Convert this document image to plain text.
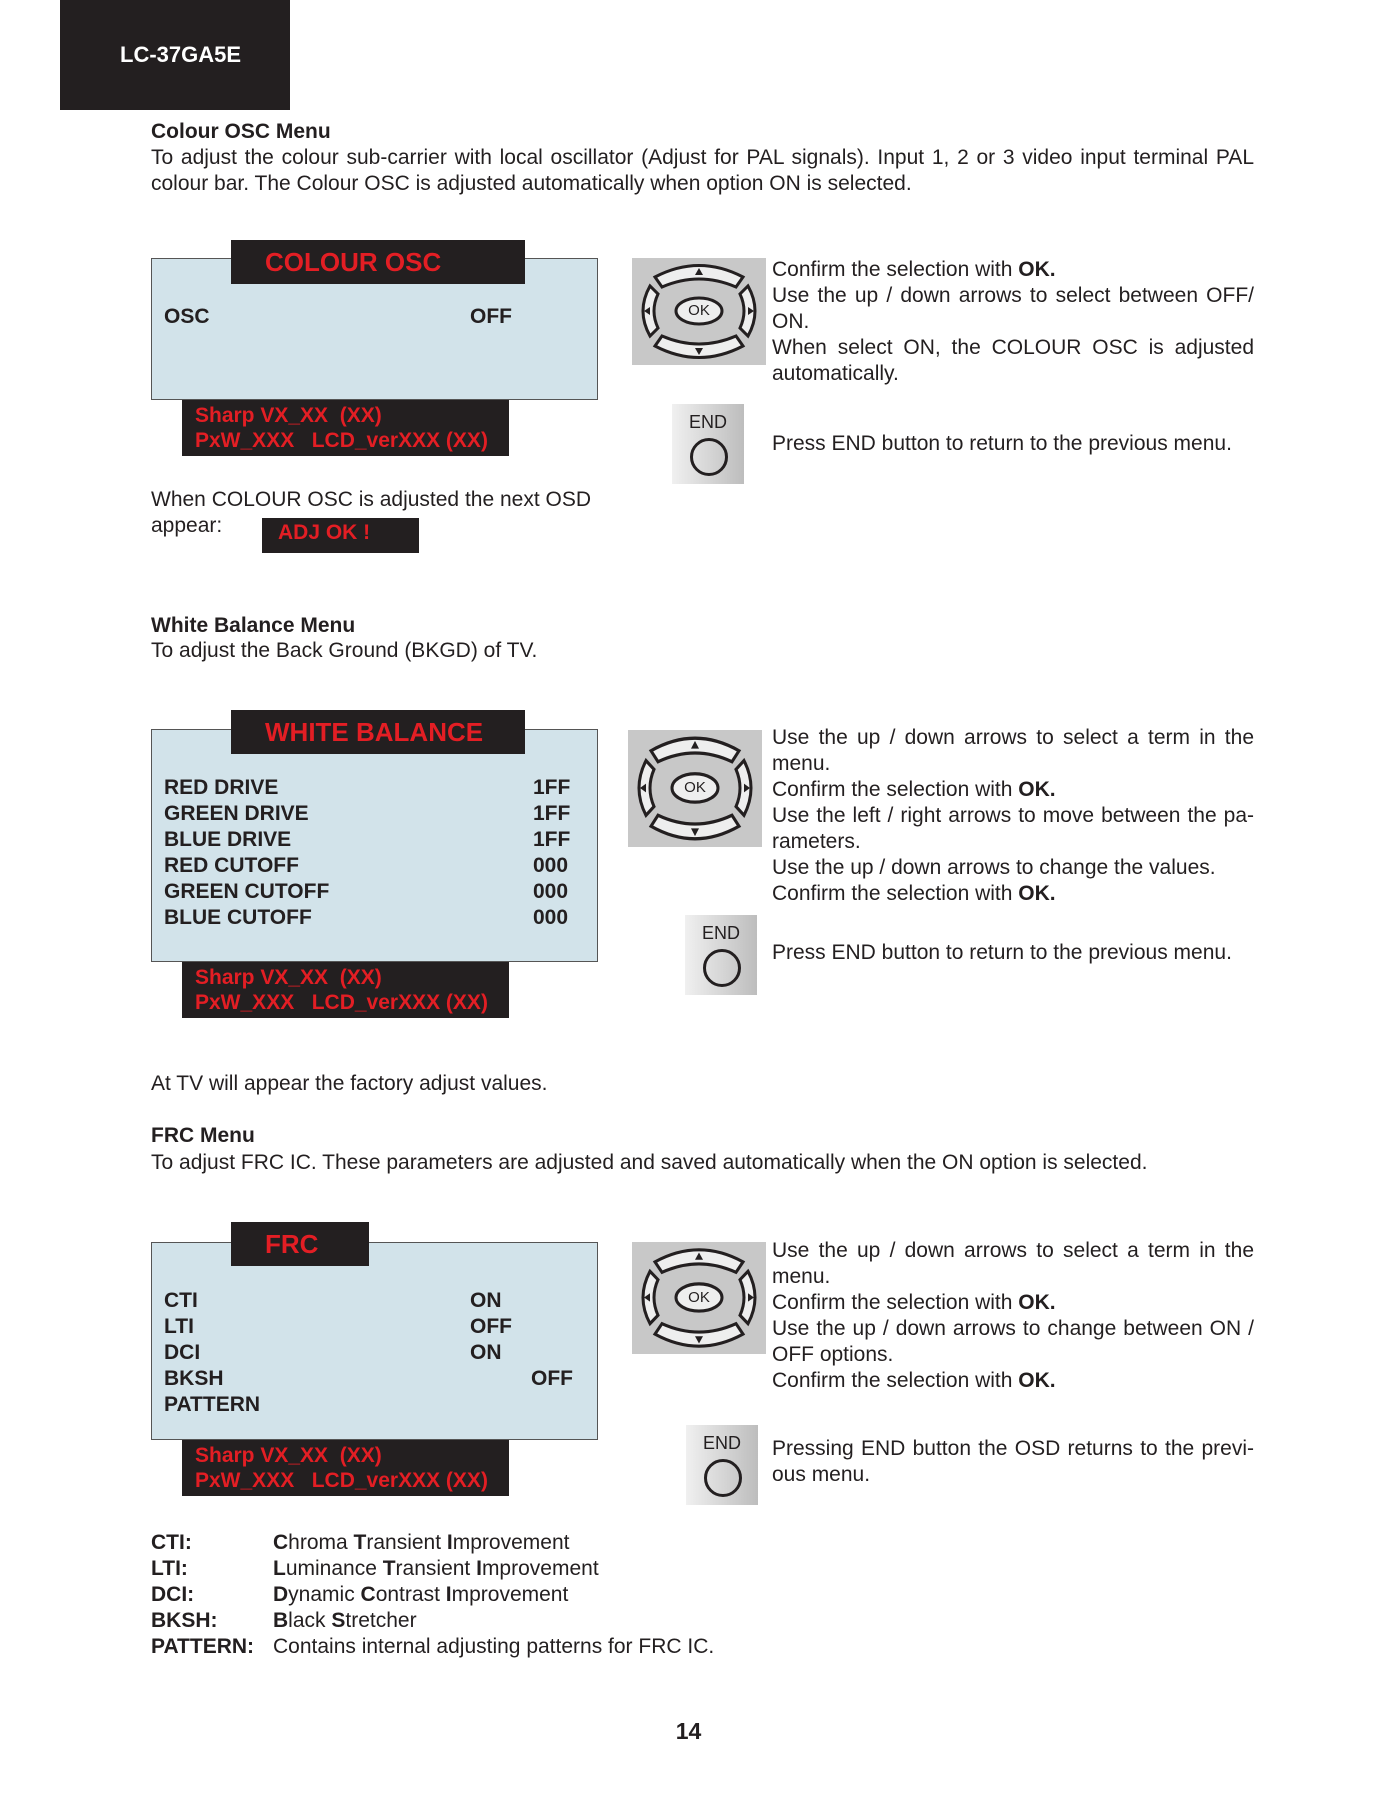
LC-37GA5E
Colour OSC Menu
To adjust the colour sub-carrier with local oscillator (Adjust for PAL signals). Input 1, 2 or 3 video input terminal PAL colour bar. The Colour OSC is adjusted automatically when option ON is selected.
OSC	OFF
COLOUR OSC
Sharp VX_XX  (XX)
PxW_XXX   LCD_verXXX (XX)
OK
Confirm the selection with OK.
Use the up / down arrows to select between OFF/ ON.
When select ON, the COLOUR OSC is adjusted automatically.
END
Press END button to return to the previous menu.
When COLOUR OSC is adjusted the next OSD appear:	ADJ OK !
White Balance Menu
To adjust the Back Ground (BKGD) of TV.
RED DRIVE	1FF
GREEN DRIVE	1FF
BLUE DRIVE	1FF
RED CUTOFF	000
GREEN CUTOFF	000
BLUE CUTOFF	000
WHITE BALANCE
Sharp VX_XX  (XX)
PxW_XXX   LCD_verXXX (XX)
OK
Use the up / down arrows to select a term in the menu.
Confirm the selection with OK.
Use the left / right arrows to move between the pa-rameters.
Use the up / down arrows to change the values.
Confirm the selection with OK.
END
Press END button to return to the previous menu.
At TV will appear the factory adjust values.
FRC Menu
To adjust FRC IC. These parameters are adjusted and saved automatically when the ON option is selected.
CTI	ON
LTI	OFF
DCI	ON
BKSH	OFF
PATTERN
FRC
Sharp VX_XX  (XX)
PxW_XXX   LCD_verXXX (XX)
OK
Use the up / down arrows to select a term in the menu.
Confirm the selection with OK.
Use the up / down arrows to change between ON / OFF options.
Confirm the selection with OK.
END	Pressing END button the OSD returns to the previ-ous menu.
CTI:	Chroma Transient Improvement
LTI:	Luminance Transient Improvement
DCI:	Dynamic Contrast Improvement
BKSH:	Black Stretcher
PATTERN: Contains internal adjusting patterns for FRC IC.
14
